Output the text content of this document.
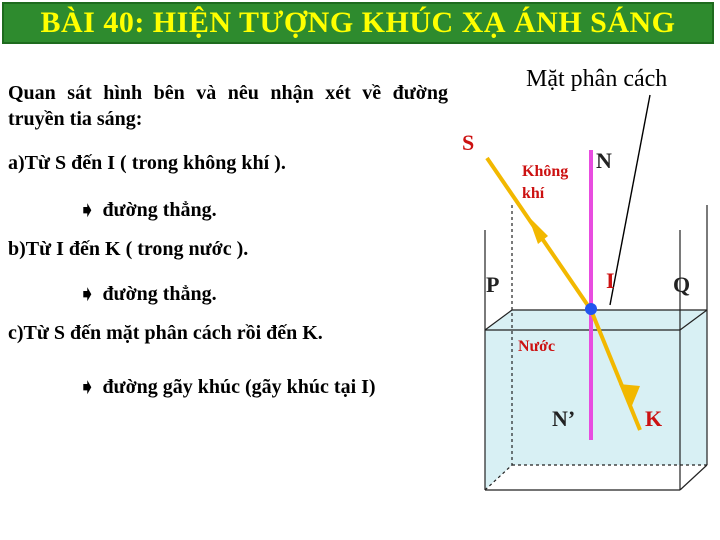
BÀI 40: HIỆN TƯỢNG KHÚC XẠ ÁNH SÁNG
Quan sát hình bên và nêu nhận xét về đường truyền tia sáng:
a)Từ S đến I ( trong không khí ).
➧ đường thẳng.
b)Từ I đến K ( trong nước ).
➧ đường thẳng.
c)Từ S đến mặt phân cách rồi đến K.
➧ đường gãy khúc (gãy khúc tại I)
Mặt phân cách
S
Không
khí
N
P	I	Q
Nước
N’	K
